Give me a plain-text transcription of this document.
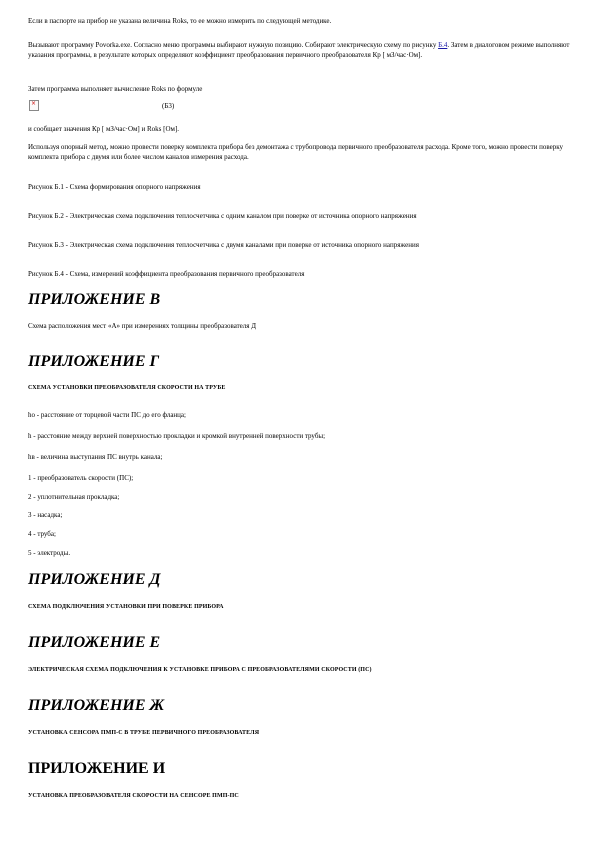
Если в паспорте на прибор не указана величина Roks, то ее можно измерить по следующей методике.

Вызывают программу Povorka.exe. Согласно меню программы выбирают нужную позицию. Собирают электрическую схему по рисунку Б.4. Затем в диалоговом режиме выполняют указания программы, в результате которых определяют коэффициент преобразования первичного преобразователя Кр [ мЗ/час·Ом].

Затем программа выполняет вычисление Rоks по формуле

×	(Б3)

и сообщает значения Кр [ мЗ/час·Ом] и Rоks [Ом].

Используя опорный метод, можно провести поверку комплекта прибора без демонтажа с трубопровода первичного преобразователя расхода. Кроме того, можно провести поверку комплекта прибора с двумя или более числом каналов измерения расхода.

Рисунок Б.1 - Схема формирования опорного напряжения

Рисунок Б.2 - Электрическая схема подключения теплосчетчика с одним каналом при поверке от источника опорного напряжения

Рисунок Б.3 - Электрическая схема подключения теплосчетчика с двумя каналами при поверке от источника опорного напряжения

Рисунок Б.4 - Схема, измерений коэффициента преобразования первичного преобразователя

ПРИЛОЖЕНИЕ В

Схема расположения мест «А» при измерениях толщины преобразователя Д

ПРИЛОЖЕНИЕ Г

СХЕМА УСТАНОВКИ ПРЕОБРАЗОВАТЕЛЯ СКОРОСТИ НА ТРУБЕ

hо - расстояние от торцевой части ПС до его фланца;

h - расстояние между верхней поверхностью прокладки и кромкой внутренней поверхности трубы;

hв - величина выступания ПС внутрь канала;

1 - преобразователь скорости (ПС);

2 - уплотнительная прокладка;

3 - насадка;

4 - труба;

5 - электроды.

ПРИЛОЖЕНИЕ Д

СХЕМА ПОДКЛЮЧЕНИЯ УСТАНОВКИ ПРИ ПОВЕРКЕ ПРИБОРА

ПРИЛОЖЕНИЕ Е

ЭЛЕКТРИЧЕСКАЯ СХЕМА ПОДКЛЮЧЕНИЯ К УСТАНОВКЕ ПРИБОРА С ПРЕОБРАЗОВАТЕЛЯМИ СКОРОСТИ (ПС)

ПРИЛОЖЕНИЕ Ж

УСТАНОВКА СЕНСОРА ПМП-С В ТРУБЕ ПЕРВИЧНОГО ПРЕОБРАЗОВАТЕЛЯ

ПРИЛОЖЕНИЕ И

УСТАНОВКА ПРЕОБРАЗОВАТЕЛЯ СКОРОСТИ НА СЕНСОРЕ ПМП-ПС
